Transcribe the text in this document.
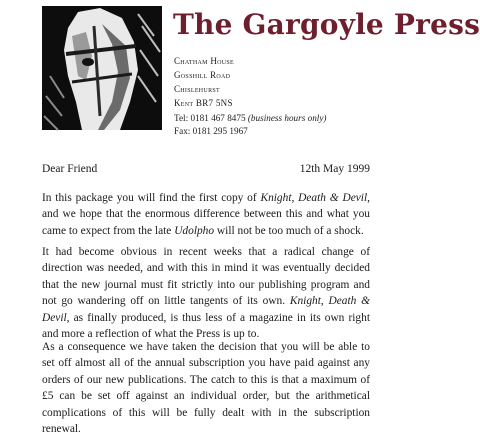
The Gargoyle Press
Chatham House
Gosshill Road
Chislehurst
Kent BR7 5NS
Tel: 0181 467 8475 (business hours only)
Fax: 0181 295 1967
Dear Friend	12th May 1999
In this package you will find the first copy of Knight, Death & Devil, and we hope that the enormous difference between this and what you came to expect from the late Udolpho will not be too much of a shock.
It had become obvious in recent weeks that a radical change of direction was needed, and with this in mind it was eventually decided that the new journal must fit strictly into our publishing program and not go wandering off on little tangents of its own. Knight, Death & Devil, as finally produced, is thus less of a magazine in its own right and more a reflection of what the Press is up to.
As a consequence we have taken the decision that you will be able to set off almost all of the annual subscription you have paid against any orders of our new publications. The catch to this is that a maximum of £5 can be set off against an individual order, but the arithmetical complications of this will be fully dealt with in the subscription renewal.
